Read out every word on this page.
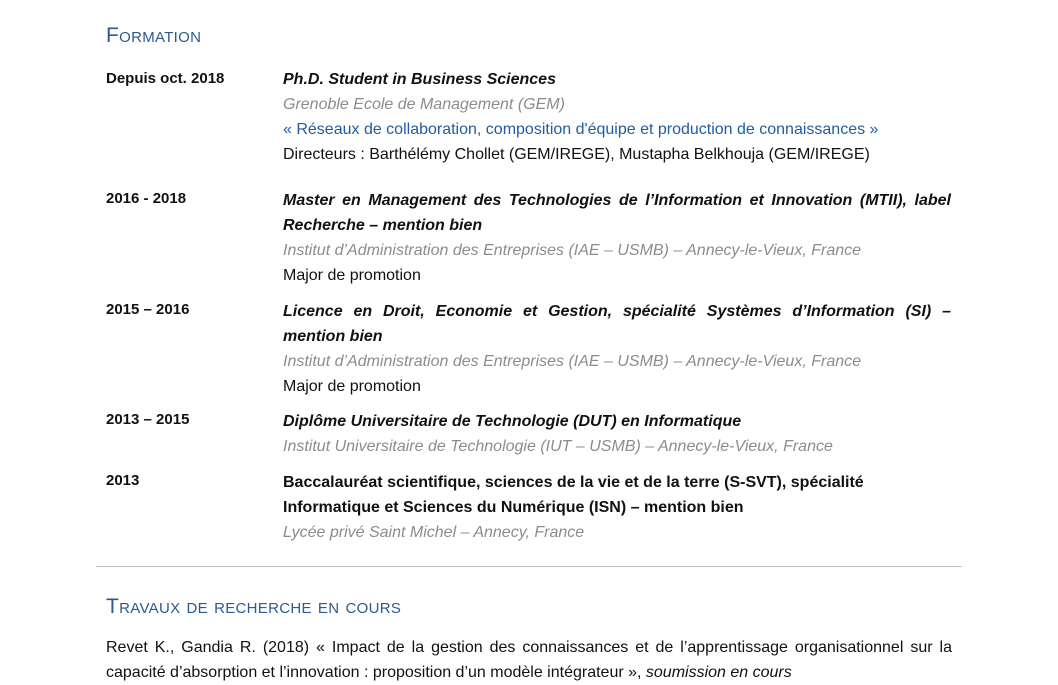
Formation
Depuis oct. 2018	Ph.D. Student in Business Sciences
Grenoble Ecole de Management (GEM)
« Réseaux de collaboration, composition d'équipe et production de connaissances »
Directeurs : Barthélémy Chollet (GEM/IREGE), Mustapha Belkhouja (GEM/IREGE)
2016 - 2018	Master en Management des Technologies de l’Information et Innovation (MTII), label Recherche – mention bien
Institut d’Administration des Entreprises (IAE – USMB) – Annecy-le-Vieux, France
Major de promotion
2015 – 2016	Licence en Droit, Economie et Gestion, spécialité Systèmes d’Information (SI) – mention bien
Institut d’Administration des Entreprises (IAE – USMB) – Annecy-le-Vieux, France
Major de promotion
2013 – 2015	Diplôme Universitaire de Technologie (DUT) en Informatique
Institut Universitaire de Technologie (IUT – USMB) – Annecy-le-Vieux, France
2013	Baccalauréat scientifique, sciences de la vie et de la terre (S-SVT), spécialité Informatique et Sciences du Numérique (ISN) – mention bien
Lycée privé Saint Michel – Annecy, France
Travaux de recherche en cours
Revet K., Gandia R. (2018) « Impact de la gestion des connaissances et de l’apprentissage organisationnel sur la capacité d’absorption et l’innovation : proposition d’un modèle intégrateur », soumission en cours
